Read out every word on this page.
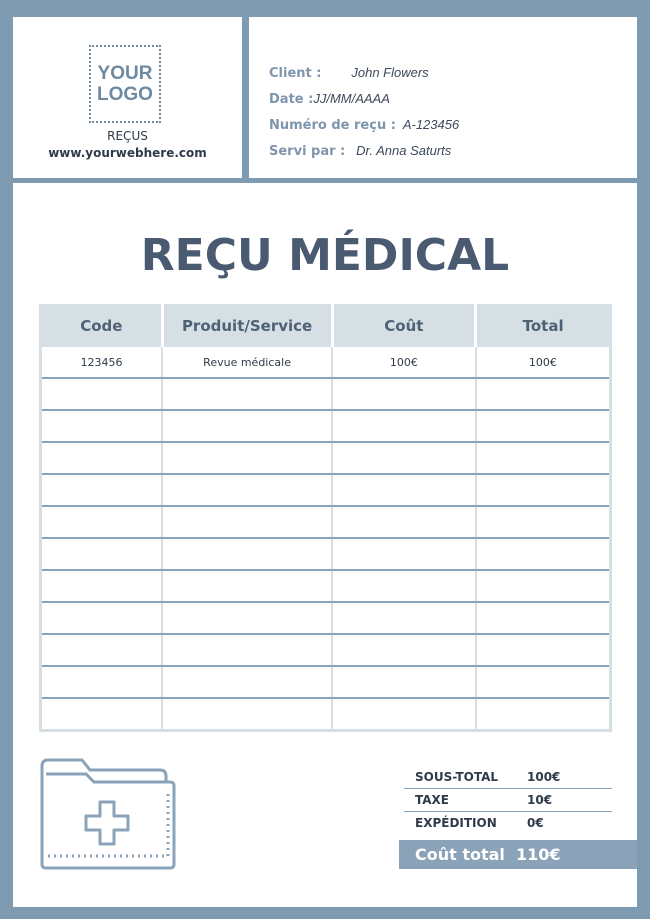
YOUR
LOGO
REÇUS
www.yourwebhere.com
Client : John Flowers
Date :JJ/MM/AAAA
Numéro de reçu : A-123456
Servi par : Dr. Anna Saturts
REÇU MÉDICAL
Code	Produit/Service	Coût	Total
123456	Revue médicale	100€	100€

SOUS-TOTAL	100€
TAXE	10€
EXPÉDITION	0€
Coût total 110€
